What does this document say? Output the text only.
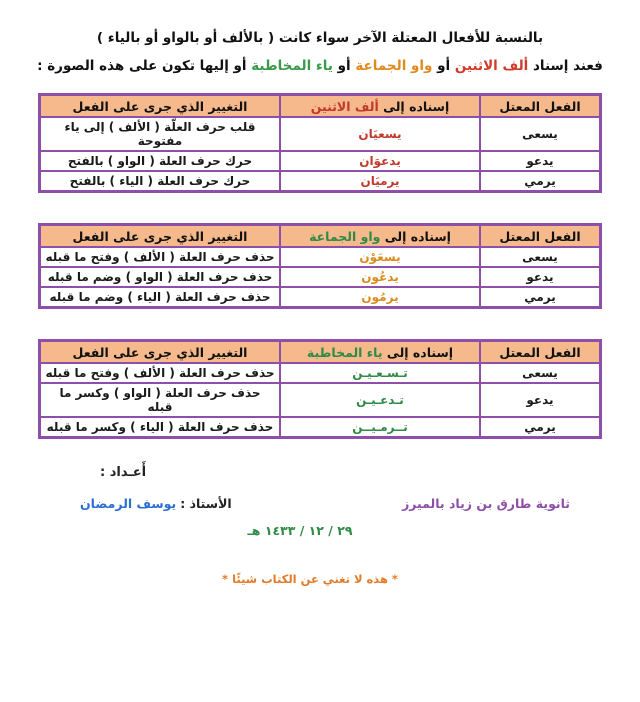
بالنسبة للأفعال المعتلة الآخر سواء كانت ( بالألف أو بالواو أو بالياء )
فعند إسناد ألف الاثنين أو واو الجماعة أو ياء المخاطبة أو إليها تكون على هذه الصورة :
الفعل المعتل	إسناده إلى ألف الاثنين	التغيير الذي جرى على الفعل
يسعى	يسعيَان	قلب حرف العلّة ( الألف ) إلى ياء مفتوحة
يدعو	يدعوَان	حرك حرف العلة ( الواو ) بالفتح
يرمي	يرميَان	حرك حرف العلة ( الياء ) بالفتح
الفعل المعتل	إسناده إلى واو الجماعة	التغيير الذي جرى على الفعل
يسعى	يسعَوْن	حذف حرف العلة ( الألف ) وفتح ما قبله
يدعو	يدعُون	حذف حرف العلة ( الواو ) وضم ما قبله
يرمي	يرمُون	حذف حرف العلة ( الياء ) وضم ما قبله
الفعل المعتل	إسناده إلى ياء المخاطبة	التغيير الذي جرى على الفعل
يسعى	تـسـعـيـن	حذف حرف العلة ( الألف ) وفتح ما قبله
يدعو	تـدعـيـن	حذف حرف العلة ( الواو ) وكسر ما قبله
يرمي	تــرمـيــن	حذف حرف العلة ( الياء ) وكسر ما قبله
أَعـداد :
ثانوية طارق بن زياد بالميرز
الأستاذ : يوسف الرمضان
٢٩ / ١٢ / ١٤٣٣ هـ
* هذه لا تغني عن الكتاب شيئًا *
